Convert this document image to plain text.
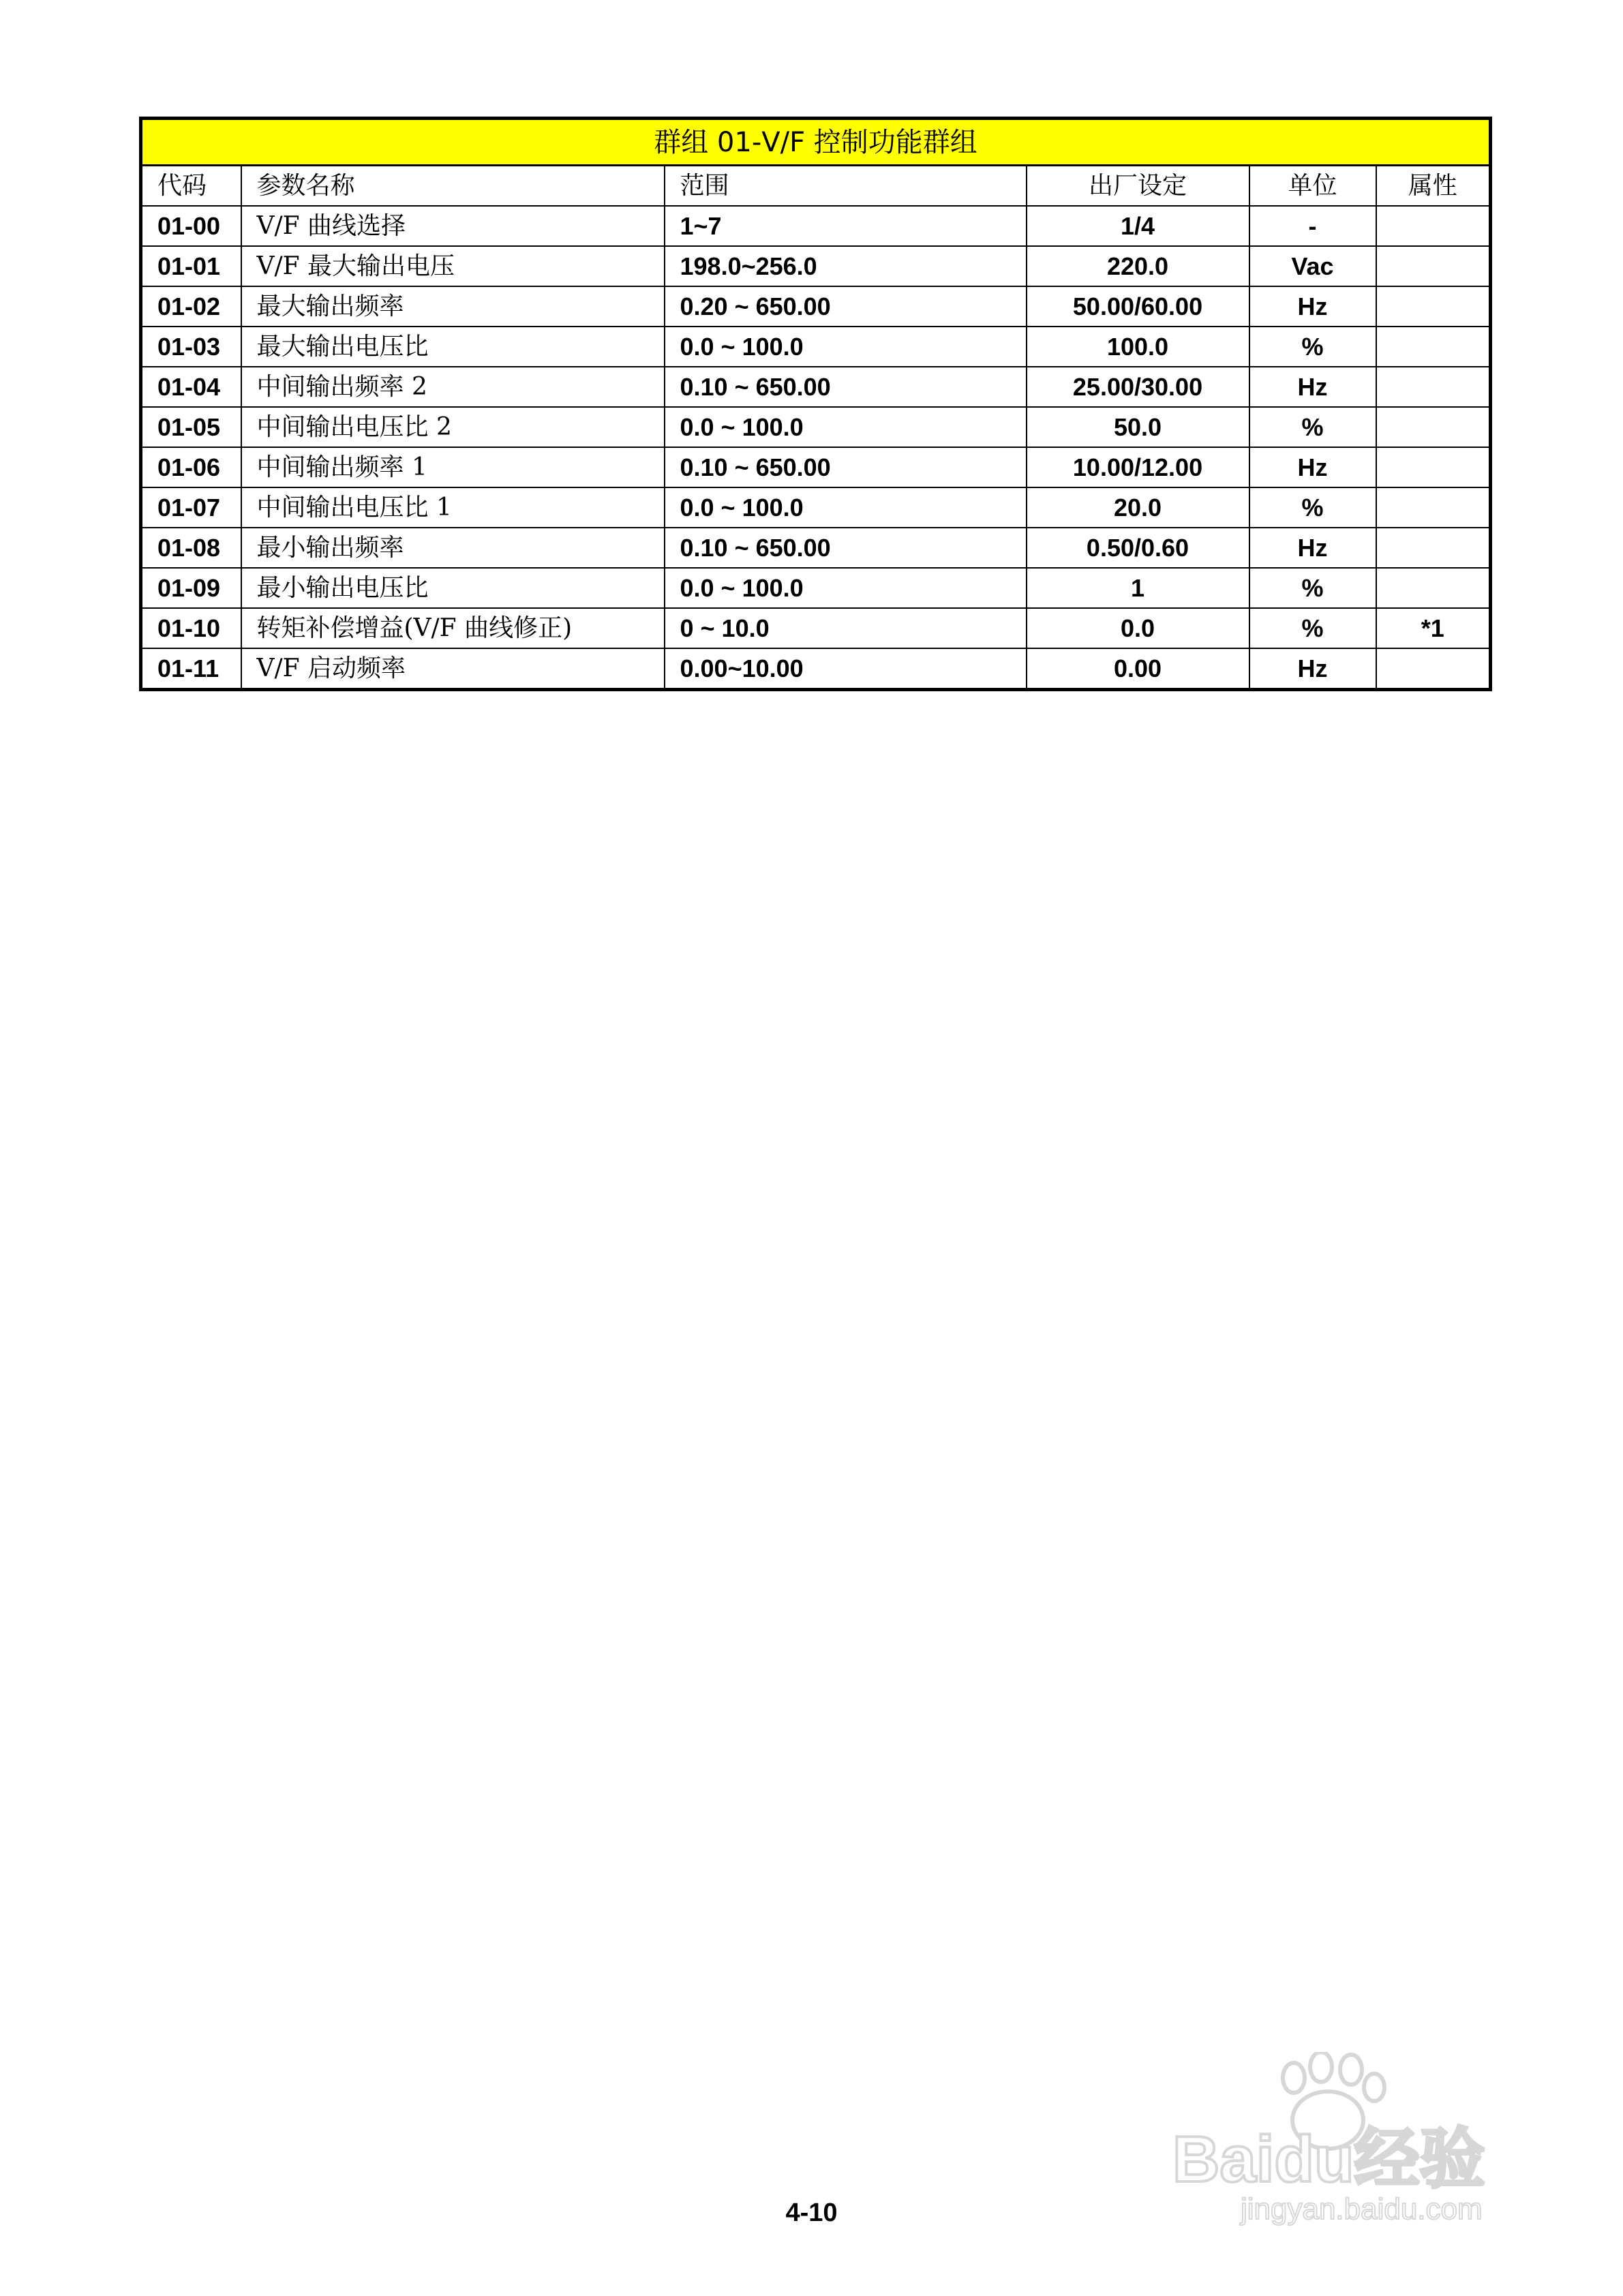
群组 01-V/F 控制功能群组					
代码	参数名称	范围	出厂设定	单位	属性
01-00	V/F 曲线选择	1~7	1/4	-	
01-01	V/F 最大输出电压	198.0~256.0	220.0	Vac	
01-02	最大输出频率	0.20 ~ 650.00	50.00/60.00	Hz	
01-03	最大输出电压比	0.0 ~ 100.0	100.0	%	
01-04	中间输出频率 2	0.10 ~ 650.00	25.00/30.00	Hz	
01-05	中间输出电压比 2	0.0 ~ 100.0	50.0	%	
01-06	中间输出频率 1	0.10 ~ 650.00	10.00/12.00	Hz	
01-07	中间输出电压比 1	0.0 ~ 100.0	20.0	%	
01-08	最小输出频率	0.10 ~ 650.00	0.50/0.60	Hz	
01-09	最小输出电压比	0.0 ~ 100.0	1	%	
01-10	转矩补偿增益(V/F 曲线修正)	0 ~ 10.0	0.0	%	*1
01-11	V/F 启动频率	0.00~10.00	0.00	Hz	
4-10
Baidu经验
jingyan.baidu.com
